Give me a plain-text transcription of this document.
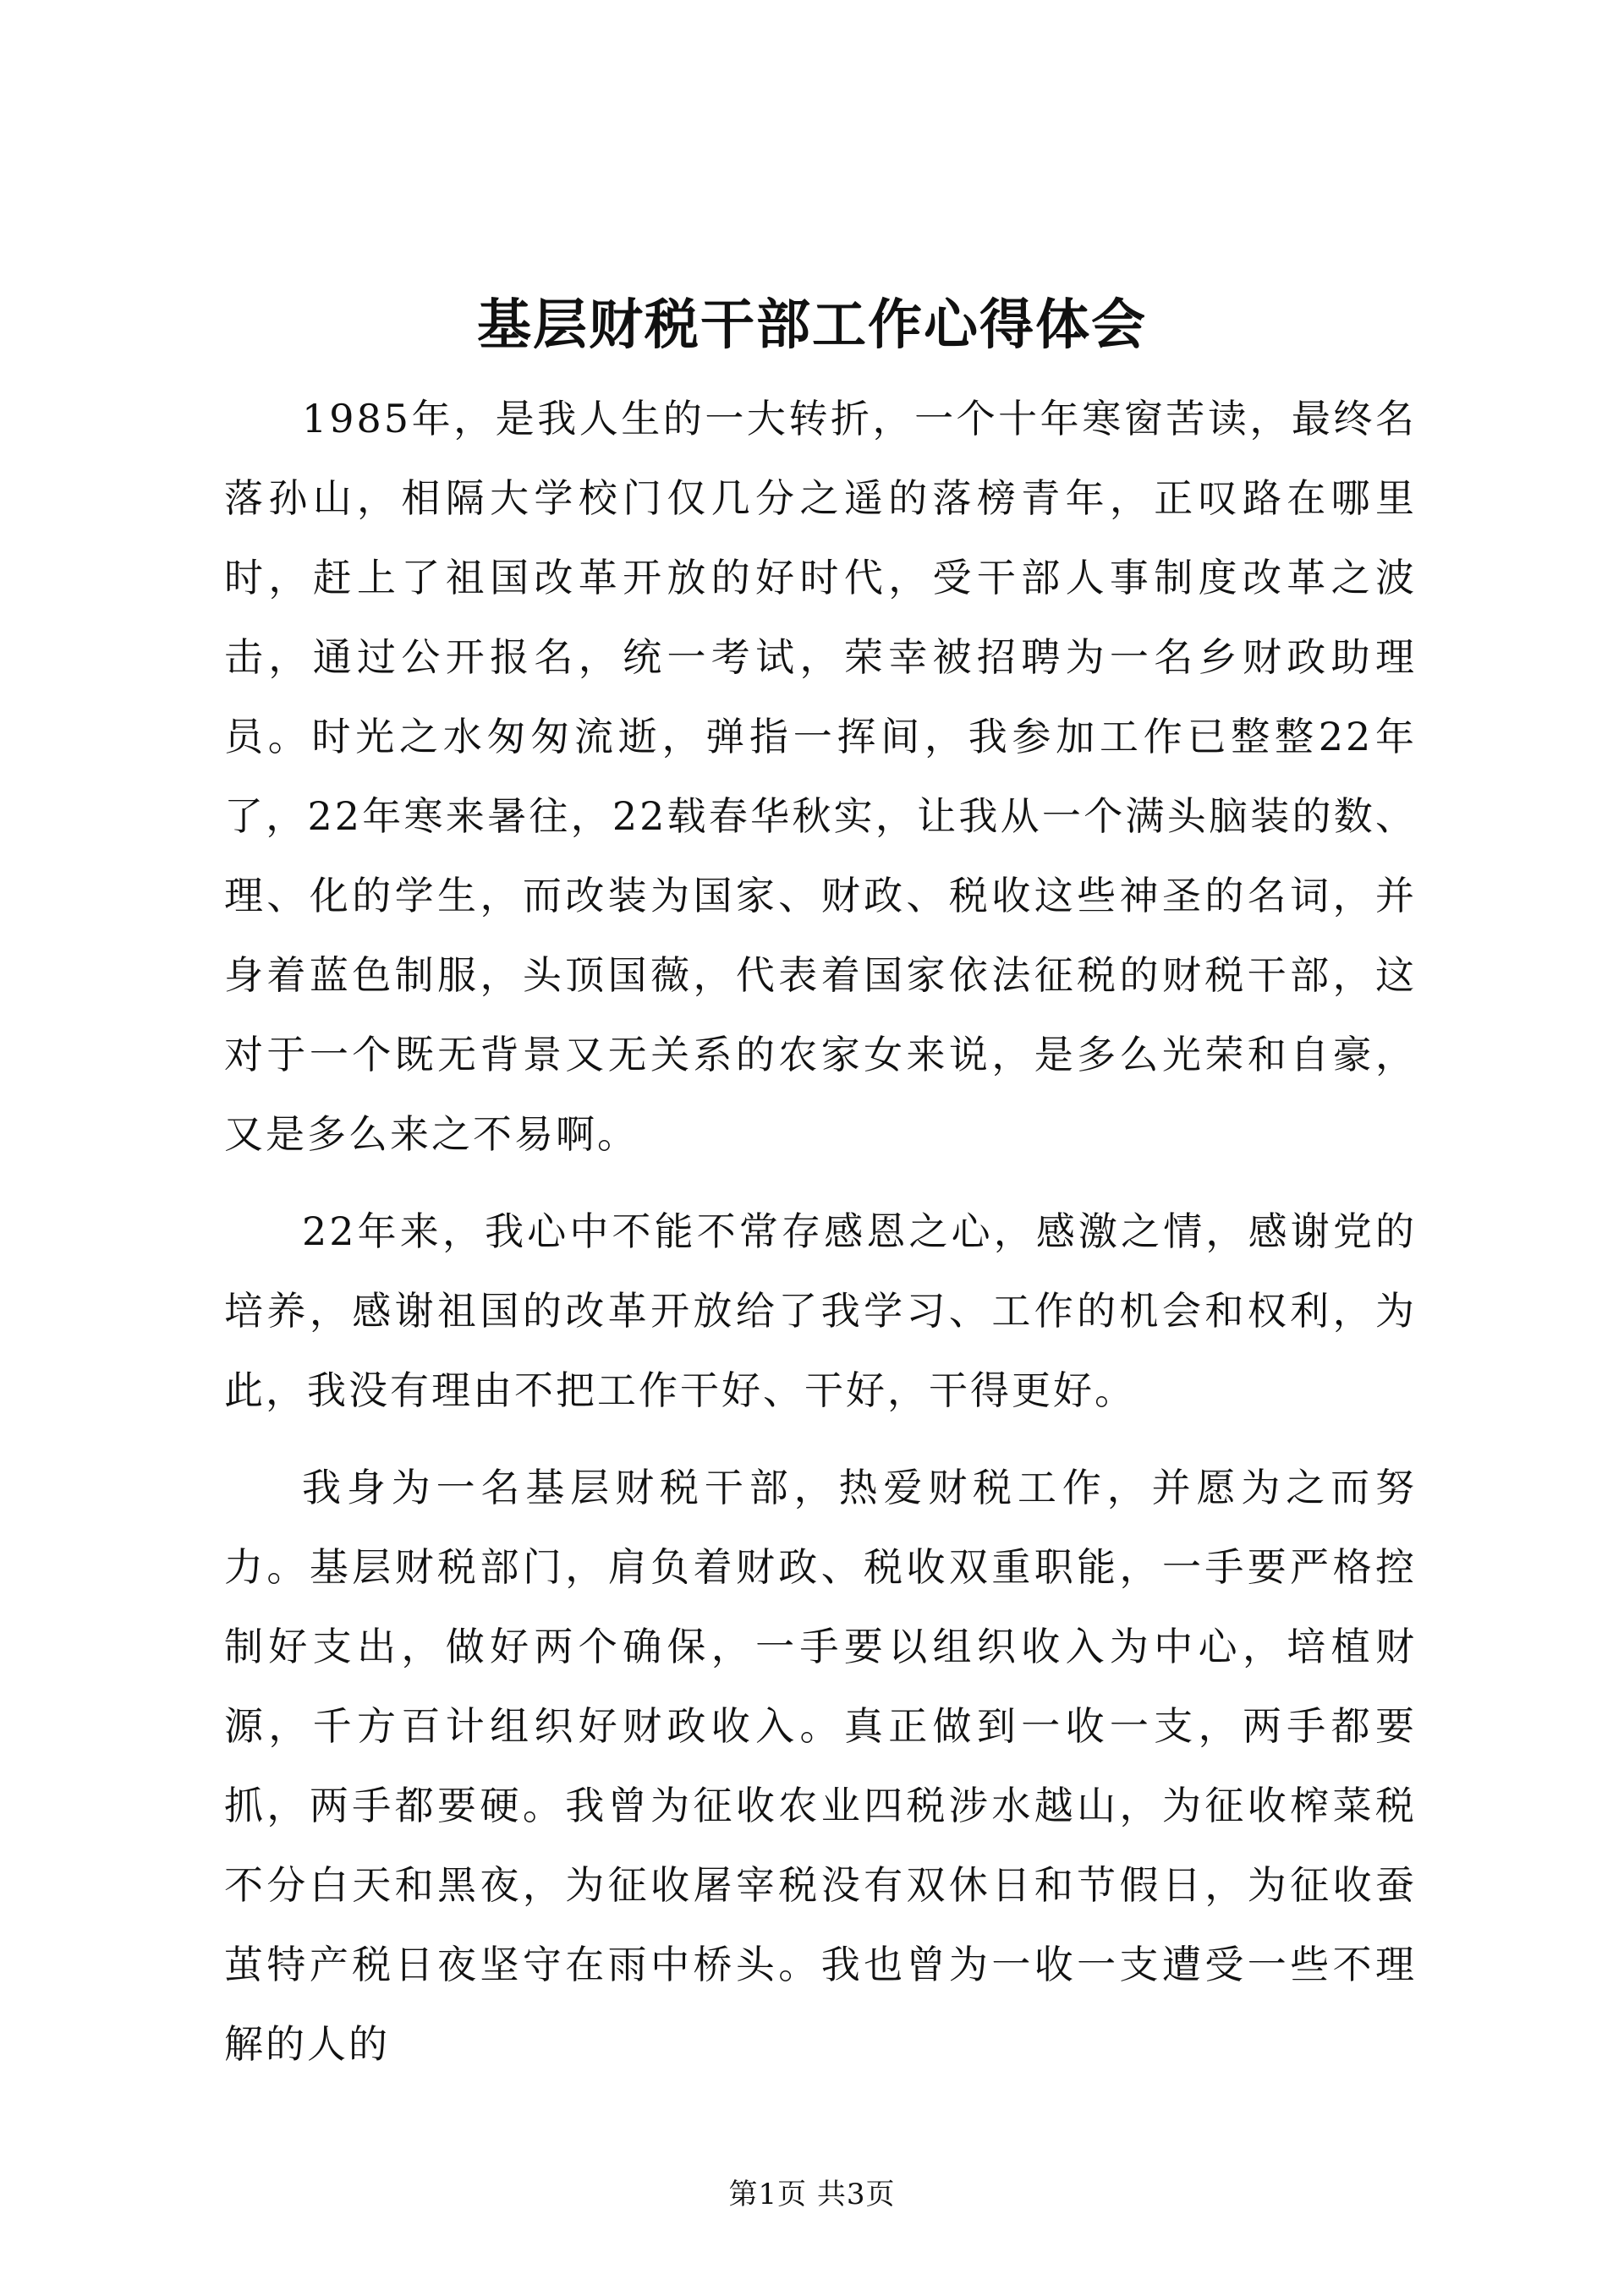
基层财税干部工作心得体会

1985年，是我人生的一大转折，一个十年寒窗苦读，最终名落孙山，相隔大学校门仅几分之遥的落榜青年，正叹路在哪里时，赶上了祖国改革开放的好时代，受干部人事制度改革之波击，通过公开报名，统一考试，荣幸被招聘为一名乡财政助理员。时光之水匆匆流逝，弹指一挥间，我参加工作已整整22年了，22年寒来暑往，22载春华秋实，让我从一个满头脑装的数、理、化的学生，而改装为国家、财政、税收这些神圣的名词，并身着蓝色制服，头顶国薇，代表着国家依法征税的财税干部，这对于一个既无背景又无关系的农家女来说，是多么光荣和自豪，又是多么来之不易啊。

22年来，我心中不能不常存感恩之心，感激之情，感谢党的培养，感谢祖国的改革开放给了我学习、工作的机会和权利，为此，我没有理由不把工作干好、干好，干得更好。

我身为一名基层财税干部，热爱财税工作，并愿为之而努力。基层财税部门，肩负着财政、税收双重职能，一手要严格控制好支出，做好两个确保，一手要以组织收入为中心，培植财源，千方百计组织好财政收入。真正做到一收一支，两手都要抓，两手都要硬。我曾为征收农业四税涉水越山，为征收榨菜税不分白天和黑夜，为征收屠宰税没有双休日和节假日，为征收蚕茧特产税日夜坚守在雨中桥头。我也曾为一收一支遭受一些不理解的人的

第1页 共3页
